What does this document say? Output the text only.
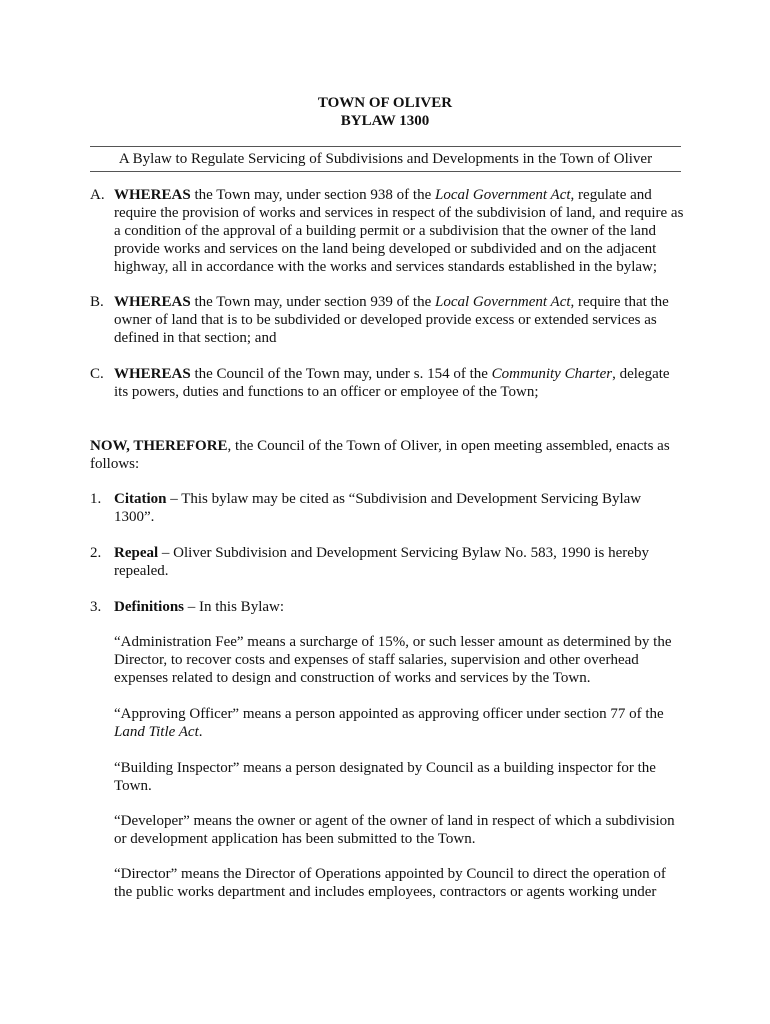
TOWN OF OLIVER
BYLAW 1300
A Bylaw to Regulate Servicing of Subdivisions and Developments in the Town of Oliver
A. WHEREAS the Town may, under section 938 of the Local Government Act, regulate and require the provision of works and services in respect of the subdivision of land, and require as a condition of the approval of a building permit or a subdivision that the owner of the land provide works and services on the land being developed or subdivided and on the adjacent highway, all in accordance with the works and services standards established in the bylaw;
B. WHEREAS the Town may, under section 939 of the Local Government Act, require that the owner of land that is to be subdivided or developed provide excess or extended services as defined in that section; and
C. WHEREAS the Council of the Town may, under s. 154 of the Community Charter, delegate its powers, duties and functions to an officer or employee of the Town;
NOW, THEREFORE, the Council of the Town of Oliver, in open meeting assembled, enacts as follows:
1. Citation – This bylaw may be cited as “Subdivision and Development Servicing Bylaw 1300”.
2. Repeal – Oliver Subdivision and Development Servicing Bylaw No. 583, 1990 is hereby repealed.
3. Definitions – In this Bylaw:
“Administration Fee” means a surcharge of 15%, or such lesser amount as determined by the Director, to recover costs and expenses of staff salaries, supervision and other overhead expenses related to design and construction of works and services by the Town.
“Approving Officer” means a person appointed as approving officer under section 77 of the Land Title Act.
“Building Inspector” means a person designated by Council as a building inspector for the Town.
“Developer” means the owner or agent of the owner of land in respect of which a subdivision or development application has been submitted to the Town.
“Director” means the Director of Operations appointed by Council to direct the operation of the public works department and includes employees, contractors or agents working under
